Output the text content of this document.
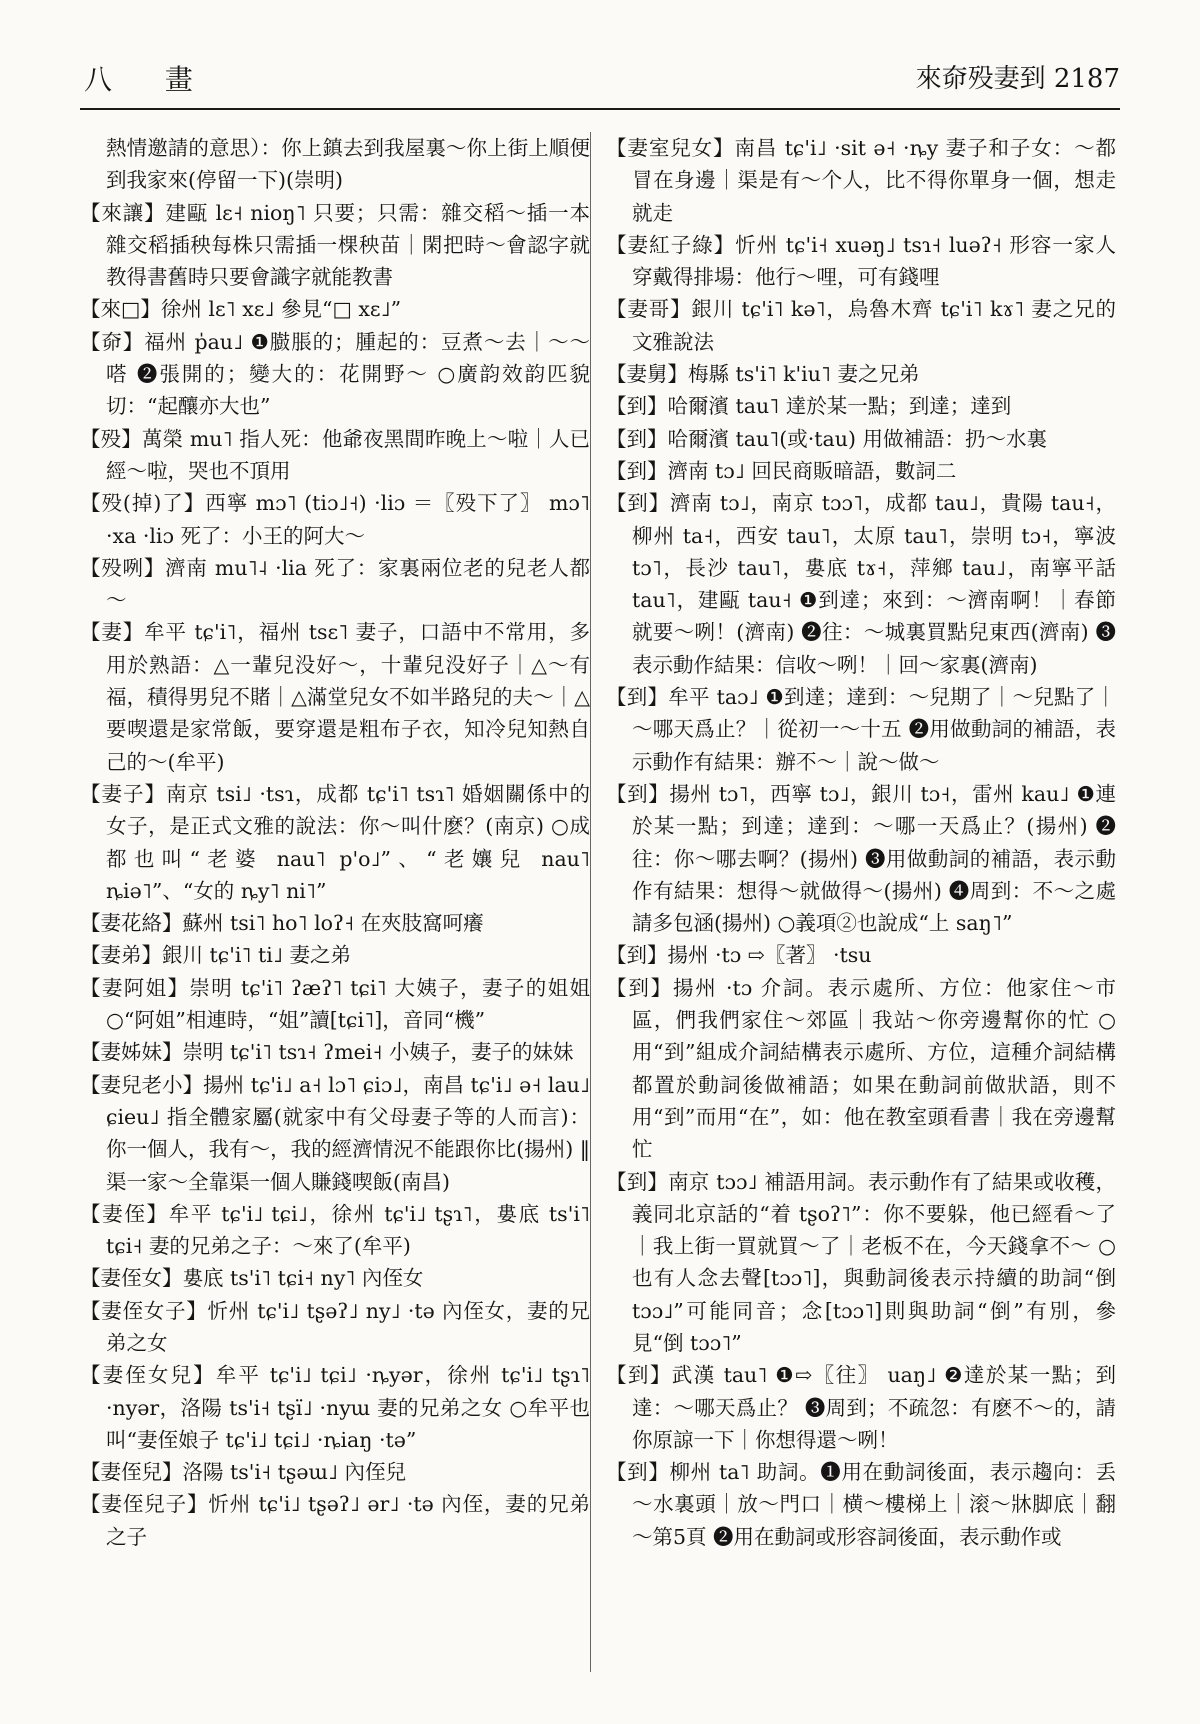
八 畫	來奅殁妻到 2187

熱情邀請的意思）：你上鎮去到我屋裏～你上街上順便到我家來(停留一下)(崇明)

【來讓】建甌 lɛ˧ nioŋ˥ 只要；只需：雜交稻～插一本雜交稻插秧每株只需插一棵秧苗｜閑把時～會認字就教得書舊時只要會識字就能教書

【來□】徐州 lɛ˥ xɛ˩ 參見“□ xɛ˩”

【奅】福州 p̍au˩ ❶臌脹的；腫起的：豆煮～去｜～～嗒 ❷張開的；變大的：花開野～ ○廣韵效韵匹貌切：“起釀亦大也”

【殁】萬榮 mu˥ 指人死：他爺夜黑間昨晚上～啦｜人已經～啦，哭也不頂用

【殁(掉)了】西寧 mɔ˥ (tiɔ˩˧) ·liɔ ＝〖殁下了〗 mɔ˥ ·xa ·liɔ 死了：小王的阿大～

【殁咧】濟南 mu˥˨ ·lia 死了：家裏兩位老的兒老人都～

【妻】牟平 tɕ'i˥，福州 tsɛ˥ 妻子，口語中不常用，多用於熟語：△一輩兒没好～，十輩兒没好子｜△～有福，積得男兒不賭｜△滿堂兒女不如半路兒的夫～｜△要喫還是家常飯，要穿還是粗布子衣，知冷兒知熱自己的～(牟平)

【妻子】南京 tsi˩ ·tsɿ，成都 tɕ'i˥ tsɿ˥ 婚姻關係中的女子，是正式文雅的說法：你～叫什麽？(南京) ○成都也叫“老婆 nau˥ p'o˩”、“老孃兒 nau˥ ȵiə˥”、“女的 ȵy˥ ni˥”

【妻花絡】蘇州 tsi˥ ho˥ loʔ˧ 在夾肢窩呵癢

【妻弟】銀川 tɕ'i˥ ti˩ 妻之弟

【妻阿姐】崇明 tɕ'i˥ ʔæʔ˥ tɕi˥ 大姨子，妻子的姐姐 ○“阿姐”相連時，“姐”讀[tɕi˥]，音同“機”

【妻姊妹】崇明 tɕ'i˥ tsɿ˧ ʔmei˧ 小姨子，妻子的妹妹

【妻兒老小】揚州 tɕ'i˩ a˧ lɔ˥ ɕiɔ˩，南昌 tɕ'i˩ ə˧ lau˩ ɕieu˩ 指全體家屬(就家中有父母妻子等的人而言)：你一個人，我有～，我的經濟情況不能跟你比(揚州) ‖ 渠一家～全靠渠一個人賺錢喫飯(南昌)

【妻侄】牟平 tɕ'i˩ tɕi˩，徐州 tɕ'i˩ tʂɿ˥，婁底 ts'i˥ tɕi˧ 妻的兄弟之子：～來了(牟平)

【妻侄女】婁底 ts'i˥ tɕi˧ ny˥ 內侄女

【妻侄女子】忻州 tɕ'i˩ tʂəʔ˩ ny˩ ·tə 內侄女，妻的兄弟之女

【妻侄女兒】牟平 tɕ'i˩ tɕi˩ ·ȵyər，徐州 tɕ'i˩ tʂɿ˥ ·nyər，洛陽 ts'i˧ tʂï˩ ·nyɯ 妻的兄弟之女 ○牟平也叫“妻侄娘子 tɕ'i˩ tɕi˩ ·ȵiaŋ ·tə”

【妻侄兒】洛陽 ts'i˧ tʂəɯ˩ 內侄兒

【妻侄兒子】忻州 tɕ'i˩ tʂəʔ˩ ər˩ ·tə 內侄，妻的兄弟之子

【妻室兒女】南昌 tɕ'i˩ ·sit ə˧ ·ȵy 妻子和子女：～都冒在身邊｜渠是有～个人，比不得你單身一個，想走就走

【妻紅子綠】忻州 tɕ'i˧ xuəŋ˩ tsɿ˧ luəʔ˧ 形容一家人穿戴得排場：他行～哩，可有錢哩

【妻哥】銀川 tɕ'i˥ kə˥，烏魯木齊 tɕ'i˥ kɤ˥ 妻之兄的文雅說法

【妻舅】梅縣 ts'i˥ k'iu˥ 妻之兄弟

【到】哈爾濱 tau˥ 達於某一點；到達；達到

【到】哈爾濱 tau˥(或·tau) 用做補語：扔～水裏

【到】濟南 tɔ˩ 回民商販暗語，數詞二

【到】濟南 tɔ˩，南京 tɔɔ˥，成都 tau˩，貴陽 tau˧，柳州 ta˧，西安 tau˥，太原 tau˥，崇明 tɔ˧，寧波 tɔ˥，長沙 tau˥，婁底 tɤ˧，萍鄉 tau˩，南寧平話 tau˥，建甌 tau˧ ❶到達；來到：～濟南啊！｜春節就要～咧！(濟南) ❷往：～城裏買點兒東西(濟南) ❸表示動作結果：信收～咧！｜回～家裏(濟南)

【到】牟平 taɔ˩ ❶到達；達到：～兒期了｜～兒點了｜～哪天爲止？｜從初一～十五 ❷用做動詞的補語，表示動作有結果：辦不～｜說～做～

【到】揚州 tɔ˥，西寧 tɔ˩，銀川 tɔ˧，雷州 kau˩ ❶連於某一點；到達；達到：～哪一天爲止？(揚州) ❷往：你～哪去啊？(揚州) ❸用做動詞的補語，表示動作有結果：想得～就做得～(揚州) ❹周到：不～之處請多包涵(揚州) ○義項②也說成“上 saŋ˥”

【到】揚州 ·tɔ ⇨〖著〗 ·tsu

【到】揚州 ·tɔ 介詞。表示處所、方位：他家住～市區，們我們家住～郊區｜我站～你旁邊幫你的忙 ○用“到”組成介詞結構表示處所、方位，這種介詞結構都置於動詞後做補語；如果在動詞前做狀語，則不用“到”而用“在”，如：他在教室頭看書｜我在旁邊幫忙

【到】南京 tɔɔ˩ 補語用詞。表示動作有了結果或收穫，義同北京話的“着 tʂoʔ˥”：你不要躲，他已經看～了｜我上街一買就買～了｜老板不在，今天錢拿不～ ○也有人念去聲[tɔɔ˥]，與動詞後表示持續的助詞“倒 tɔɔ˩”可能同音；念[tɔɔ˥]則與助詞“倒”有別，參見“倒 tɔɔ˥”

【到】武漢 tau˥ ❶⇨〖往〗 uaŋ˩ ❷達於某一點；到達：～哪天爲止？ ❸周到；不疏忽：有麽不～的，請你原諒一下｜你想得還～咧！

【到】柳州 ta˥ 助詞。❶用在動詞後面，表示趨向：丢～水裏頭｜放～門口｜横～樓梯上｜滚～牀脚底｜翻～第5頁 ❷用在動詞或形容詞後面，表示動作或
